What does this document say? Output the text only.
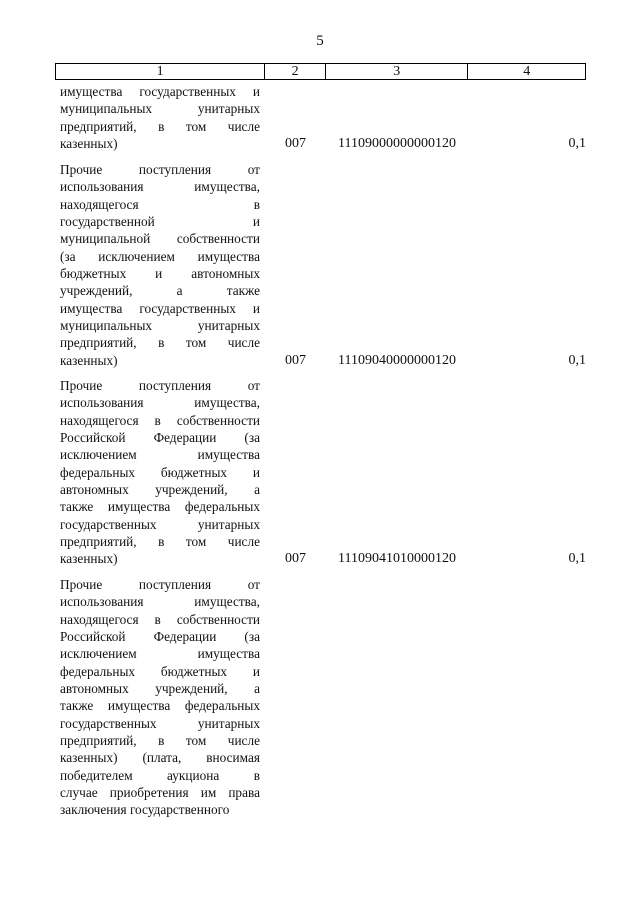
5
1	2	3	4
имущества государственных и
муниципальных унитарных
предприятий, в том числе
казенных)	007 11109000000000120	0,1
Прочие поступления от
использования имущества,
находящегося в
государственной и
муниципальной собственности
(за исключением имущества
бюджетных и автономных
учреждений, а также
имущества государственных и
муниципальных унитарных
предприятий, в том числе
казенных)	007 11109040000000120	0,1
Прочие поступления от
использования имущества,
находящегося в собственности
Российской Федерации (за
исключением имущества
федеральных бюджетных и
автономных учреждений, а
также имущества федеральных
государственных унитарных
предприятий, в том числе
казенных)	007 11109041010000120	0,1
Прочие поступления от
использования имущества,
находящегося в собственности
Российской Федерации (за
исключением имущества
федеральных бюджетных и
автономных учреждений, а
также имущества федеральных
государственных унитарных
предприятий, в том числе
казенных) (плата, вносимая
победителем аукциона в
случае приобретения им права
заключения государственного
